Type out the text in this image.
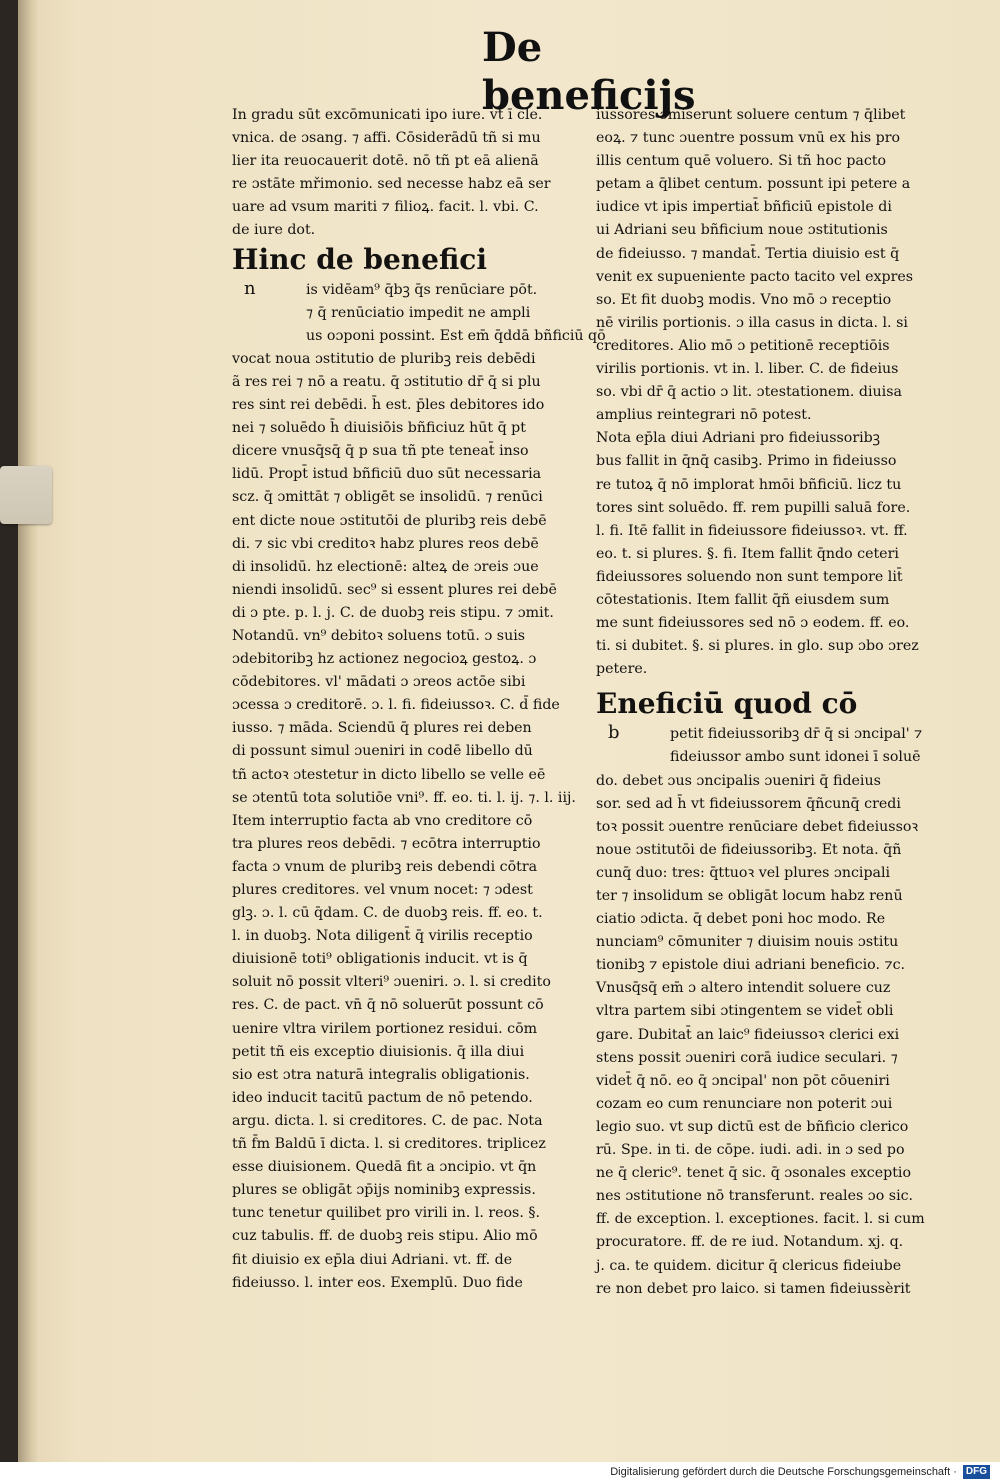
De beneficijs
In gradu sūt excōmunicati ipo iure. vt ī cle.
vnica. de ɔsang. ⁊ affi. Cōsiderādū tñ si mu
lier ita reuocauerit dotē. nō tñ pt eā alienā
re ɔstāte mřimonio. sed necesse habz eā ser
uare ad vsum mariti ⁊ filioꝝ. facit. l. vbi. C.
de iure dot.
Hinc de benefici
n	is vidēam⁹ q̄bꝫ q̄s renūciare pōt.
⁊ q̄ renūciatio impedit ne ampli
us oɔponi possint. Est em̄ q̄ddā bñficiū qō
vocat noua ɔstitutio de pluribꝫ reis debēdi
ã res rei ⁊ nō a reatu. q̄ ɔstitutio dr̄ q̄ si plu
res sint rei debēdi. h̄ est. p̄les debitores ido
nei ⁊ soluēdo h̄ diuisiōis bñficiuz hūt q̄ pt
dicere vnusq̄sq̄ q̄ p sua tñ pte teneat̄ inso
lidū. Propt̄ istud bñficiū duo sūt necessaria
scz. q̄ ɔmittāt ⁊ obligēt se insolidū. ⁊ renūci
ent dicte noue ɔstitutōi de pluribꝫ reis debē
di. ⁊ sic vbi creditoꝛ habz plures reos debē
di insolidū. hz electionē: alteꝝ de ɔreis ɔue
niendi insolidū. sec⁹ si essent plures rei debē
di ɔ pte. p. l. j. C. de duobꝫ reis stipu. ⁊ ɔmit.
Notandū. vn⁹ debitoꝛ soluens totū. ɔ suis
ɔdebitoribꝫ hz actionez negocioꝝ gestoꝝ. ɔ
cōdebitores. vl' mādati ɔ ɔreos actōe sibi
ɔcessa ɔ creditorē. ɔ. l. fi. fideiussoꝛ. C. d̄ fide
iusso. ⁊ māda. Sciendū q̄ plures rei deben
di possunt simul ɔueniri in codē libello dū
tñ actoꝛ ɔtestetur in dicto libello se velle eē
se ɔtentū tota solutiōe vni⁹. ff. eo. ti. l. ij. ⁊. l. iij.
Item interruptio facta ab vno creditore cō
tra plures reos debēdi. ⁊ ecōtra interruptio
facta ɔ vnum de pluribꝫ reis debendi cōtra
plures creditores. vel vnum nocet: ⁊ ɔdest
glꝫ. ɔ. l. cū q̄dam. C. de duobꝫ reis. ff. eo. t.
l. in duobꝫ. Nota diligent̄ q̄ virilis receptio
diuisionē toti⁹ obligationis inducit. vt is q̄
soluit nō possit vlteri⁹ ɔueniri. ɔ. l. si credito
res. C. de pact. vn̄ q̄ nō soluerūt possunt cō
uenire vltra virilem portionez residui. cōm
petit tñ eis exceptio diuisionis. q̄ illa diui
sio est ɔtra naturā integralis obligationis.
ideo inducit tacitū pactum de nō petendo.
argu. dicta. l. si creditores. C. de pac. Nota
tñ f̄m Baldū ī dicta. l. si creditores. triplicez
esse diuisionem. Quedā fit a ɔncipio. vt q̄n
plures se obligāt ɔp̄ijs nominibꝫ expressis.
tunc tenetur quilibet pro virili in. l. reos. §.
cuz tabulis. ff. de duobꝫ reis stipu. Alio mō
fit diuisio ex ep̄la diui Adriani. vt. ff. de
fideiusso. l. inter eos. Exemplū. Duo fide
iussores ɔmiserunt soluere centum ⁊ q̄libet
eoꝝ. ⁊ tunc ɔuentre possum vnū ex his pro
illis centum quē voluero. Si tñ hoc pacto
petam a q̄libet centum. possunt ipi petere a
iudice vt ipis impertiat̄ bñficiū epistole di
ui Adriani seu bñficium noue ɔstitutionis
de fideiusso. ⁊ mandat̄. Tertia diuisio est q̄
venit ex supueniente pacto tacito vel expres
so. Et fit duobꝫ modis. Vno mō ɔ receptio
nē virilis portionis. ɔ illa casus in dicta. l. si
creditores. Alio mō ɔ petitionē receptiōis
virilis portionis. vt in. l. liber. C. de fideius
so. vbi dr̄ q̄ actio ɔ lit. ɔtestationem. diuisa
amplius reintegrari nō potest.
Nota ep̄la diui Adriani pro fideiussoribꝫ
bus fallit in q̄nq̄ casibꝫ. Primo in fideiusso
re tutoꝝ q̄ nō implorat hmōi bñficiū. licz tu
tores sint soluēdo. ff. rem pupilli saluā fore.
l. fi. Itē fallit in fideiussore fideiussoꝛ. vt. ff.
eo. t. si plures. §. fi. Item fallit q̄ndo ceteri
fideiussores soluendo non sunt tempore lit̄
cōtestationis. Item fallit q̄ñ eiusdem sum
me sunt fideiussores sed nō ɔ eodem. ff. eo.
ti. si dubitet. §. si plures. in glo. sup ɔbo ɔrez
petere.
Eneficiū quod cō
b	petit fideiussoribꝫ dr̄ q̄ si ɔncipal' ⁊
fideiussor ambo sunt idonei ī soluē
do. debet ɔus ɔncipalis ɔueniri q̄ fideius
sor. sed ad h̄ vt fideiussorem q̄ñcunq̄ credi
toꝛ possit ɔuentre renūciare debet fideiussoꝛ
noue ɔstitutōi de fideiussoribꝫ. Et nota. q̄ñ
cunq̄ duo: tres: q̄ttuoꝛ vel plures ɔncipali
ter ⁊ insolidum se obligāt locum habz renū
ciatio ɔdicta. q̄ debet poni hoc modo. Re
nunciam⁹ cōmuniter ⁊ diuisim nouis ɔstitu
tionibꝫ ⁊ epistole diui adriani beneficio. ⁊c.
Vnusq̄sq̄ em̄ ɔ altero intendit soluere cuz
vltra partem sibi ɔtingentem se videt̄ obli
gare. Dubitat̄ an laic⁹ fideiussoꝛ clerici exi
stens possit ɔueniri corā iudice seculari. ⁊
videt̄ q̄ nō. eo q̄ ɔncipal' non pōt cōueniri
cozam eo cum renunciare non poterit ɔui
legio suo. vt sup dictū est de bñficio clerico
rū. Spe. in ti. de cōpe. iudi. adi. in ɔ sed po
ne q̄ cleric⁹. tenet q̄ sic. q̄ ɔsonales exceptio
nes ɔstitutione nō transferunt. reales ɔo sic.
ff. de exception. l. exceptiones. facit. l. si cum
procuratore. ff. de re iud. Notandum. xj. q.
j. ca. te quidem. dicitur q̄ clericus fideiube
re non debet pro laico. si tamen fideiussèrit
Digitalisierung gefördert durch die Deutsche Forschungsgemeinschaft · DFG
